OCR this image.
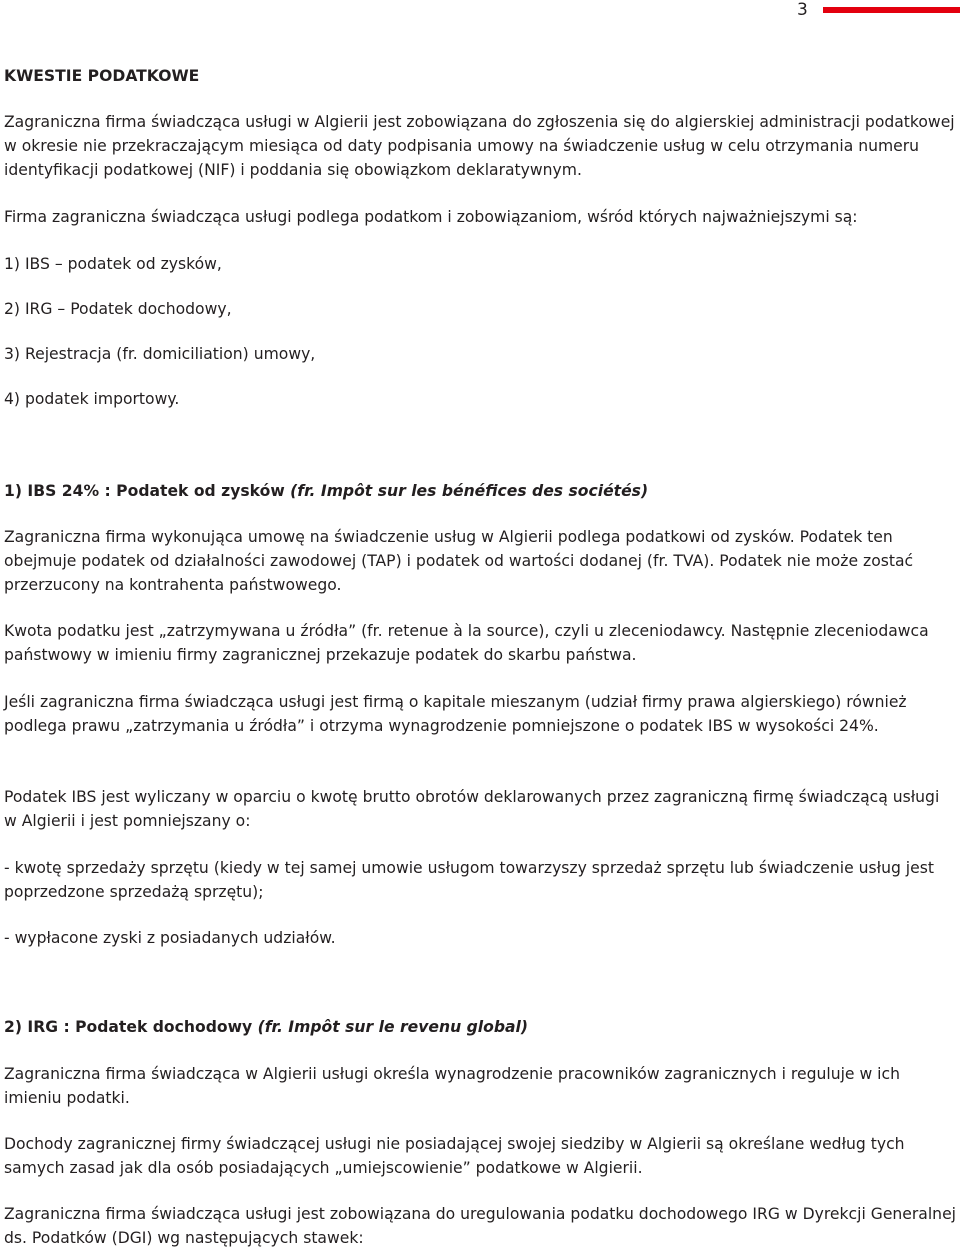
3

KWESTIE PODATKOWE

Zagraniczna firma świadcząca usługi w Algierii jest zobowiązana do zgłoszenia się do algierskiej administracji podatkowej w okresie nie przekraczającym miesiąca od daty podpisania umowy na świadczenie usług w celu otrzymania numeru identyfikacji podatkowej (NIF) i poddania się obowiązkom deklaratywnym.

Firma zagraniczna świadcząca usługi podlega podatkom i zobowiązaniom, wśród których najważniejszymi są:

1) IBS – podatek od zysków,

2) IRG – Podatek dochodowy,

3) Rejestracja (fr. domiciliation) umowy,

4) podatek importowy.

1) IBS 24% : Podatek od zysków (fr. Impôt sur les bénéfices des sociétés)

Zagraniczna firma wykonująca umowę na świadczenie usług w Algierii podlega podatkowi od zysków. Podatek ten obejmuje podatek od działalności zawodowej (TAP) i podatek od wartości dodanej (fr. TVA). Podatek nie może zostać przerzucony na kontrahenta państwowego.

Kwota podatku jest „zatrzymywana u źródła” (fr. retenue à la source), czyli u zleceniodawcy. Następnie zleceniodawca państwowy w imieniu firmy zagranicznej przekazuje podatek do skarbu państwa.

Jeśli zagraniczna firma świadcząca usługi jest firmą o kapitale mieszanym (udział firmy prawa algierskiego) również podlega prawu „zatrzymania u źródła” i otrzyma wynagrodzenie pomniejszone o podatek IBS w wysokości 24%.

Podatek IBS jest wyliczany w oparciu o kwotę brutto obrotów deklarowanych przez zagraniczną firmę świadczącą usługi w Algierii i jest pomniejszany o:

- kwotę sprzedaży sprzętu (kiedy w tej samej umowie usługom towarzyszy sprzedaż sprzętu lub świadczenie usług jest poprzedzone sprzedażą sprzętu);

- wypłacone zyski z posiadanych udziałów.

2) IRG : Podatek dochodowy (fr. Impôt sur le revenu global)

Zagraniczna firma świadcząca w Algierii usługi określa wynagrodzenie pracowników zagranicznych i reguluje w ich imieniu podatki.

Dochody zagranicznej firmy świadczącej usługi nie posiadającej swojej siedziby w Algierii są określane według tych samych zasad jak dla osób posiadających „umiejscowienie” podatkowe w Algierii.

Zagraniczna firma świadcząca usługi jest zobowiązana do uregulowania podatku dochodowego IRG w Dyrekcji Generalnej ds. Podatków (DGI) wg następujących stawek:
